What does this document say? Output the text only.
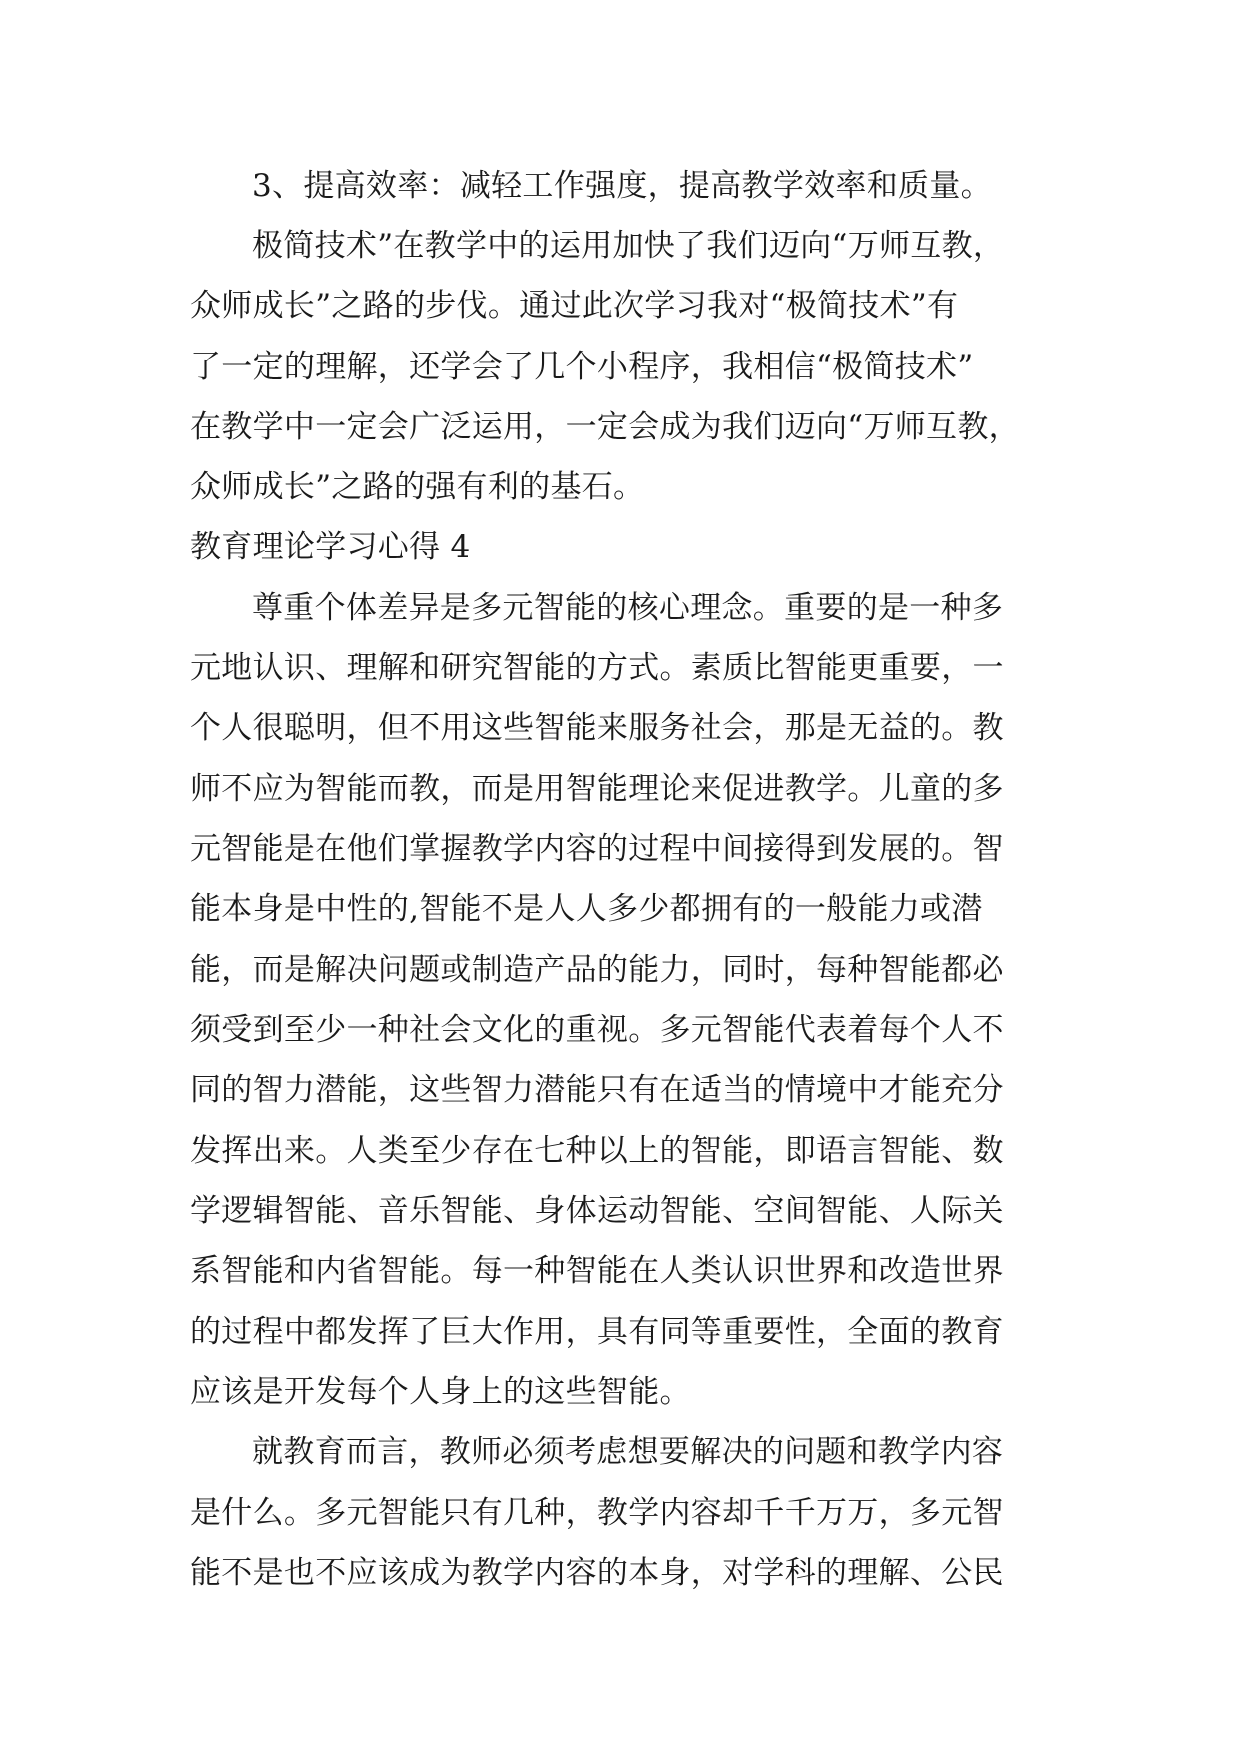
3、提高效率：减轻工作强度，提高教学效率和质量。
极简技术”在教学中的运用加快了我们迈向“万师互教，
众师成长”之路的步伐。通过此次学习我对“极简技术”有
了一定的理解，还学会了几个小程序，我相信“极简技术”
在教学中一定会广泛运用，一定会成为我们迈向“万师互教，
众师成长”之路的强有利的基石。
教育理论学习心得 4
尊重个体差异是多元智能的核心理念。重要的是一种多
元地认识、理解和研究智能的方式。素质比智能更重要，一
个人很聪明，但不用这些智能来服务社会，那是无益的。教
师不应为智能而教，而是用智能理论来促进教学。儿童的多
元智能是在他们掌握教学内容的过程中间接得到发展的。智
能本身是中性的,智能不是人人多少都拥有的一般能力或潜
能，而是解决问题或制造产品的能力，同时，每种智能都必
须受到至少一种社会文化的重视。多元智能代表着每个人不
同的智力潜能，这些智力潜能只有在适当的情境中才能充分
发挥出来。人类至少存在七种以上的智能，即语言智能、数
学逻辑智能、音乐智能、身体运动智能、空间智能、人际关
系智能和内省智能。每一种智能在人类认识世界和改造世界
的过程中都发挥了巨大作用，具有同等重要性，全面的教育
应该是开发每个人身上的这些智能。
就教育而言，教师必须考虑想要解决的问题和教学内容
是什么。多元智能只有几种，教学内容却千千万万，多元智
能不是也不应该成为教学内容的本身，对学科的理解、公民
